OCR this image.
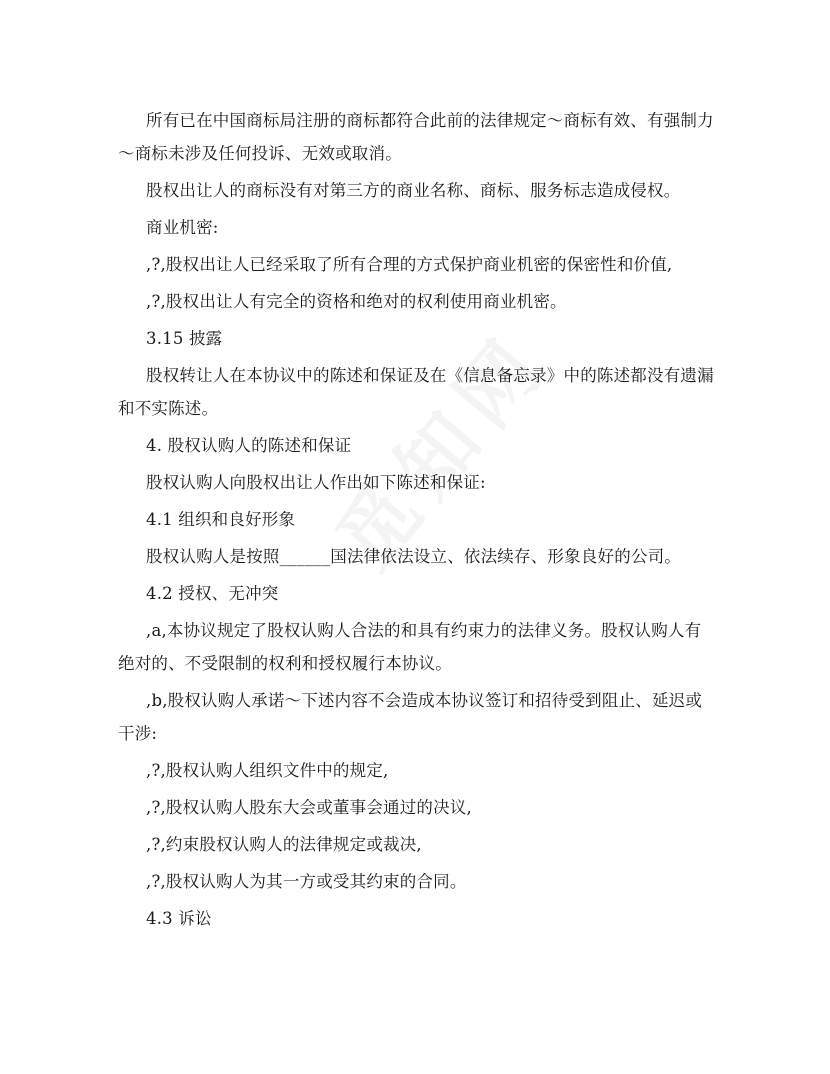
所有已在中国商标局注册的商标都符合此前的法律规定～商标有效、有强制力～商标未涉及任何投诉、无效或取消。

股权出让人的商标没有对第三方的商业名称、商标、服务标志造成侵权。

商业机密:

,?,股权出让人已经采取了所有合理的方式保护商业机密的保密性和价值,

,?,股权出让人有完全的资格和绝对的权利使用商业机密。

3.15 披露

股权转让人在本协议中的陈述和保证及在《信息备忘录》中的陈述都没有遗漏和不实陈述。

4. 股权认购人的陈述和保证

股权认购人向股权出让人作出如下陈述和保证:

4.1 组织和良好形象

股权认购人是按照______国法律依法设立、依法续存、形象良好的公司。

4.2 授权、无冲突

,a,本协议规定了股权认购人合法的和具有约束力的法律义务。股权认购人有绝对的、不受限制的权利和授权履行本协议。

,b,股权认购人承诺～下述内容不会造成本协议签订和招待受到阻止、延迟或干涉:

,?,股权认购人组织文件中的规定,

,?,股权认购人股东大会或董事会通过的决议,

,?,约束股权认购人的法律规定或裁决,

,?,股权认购人为其一方或受其约束的合同。

4.3 诉讼
